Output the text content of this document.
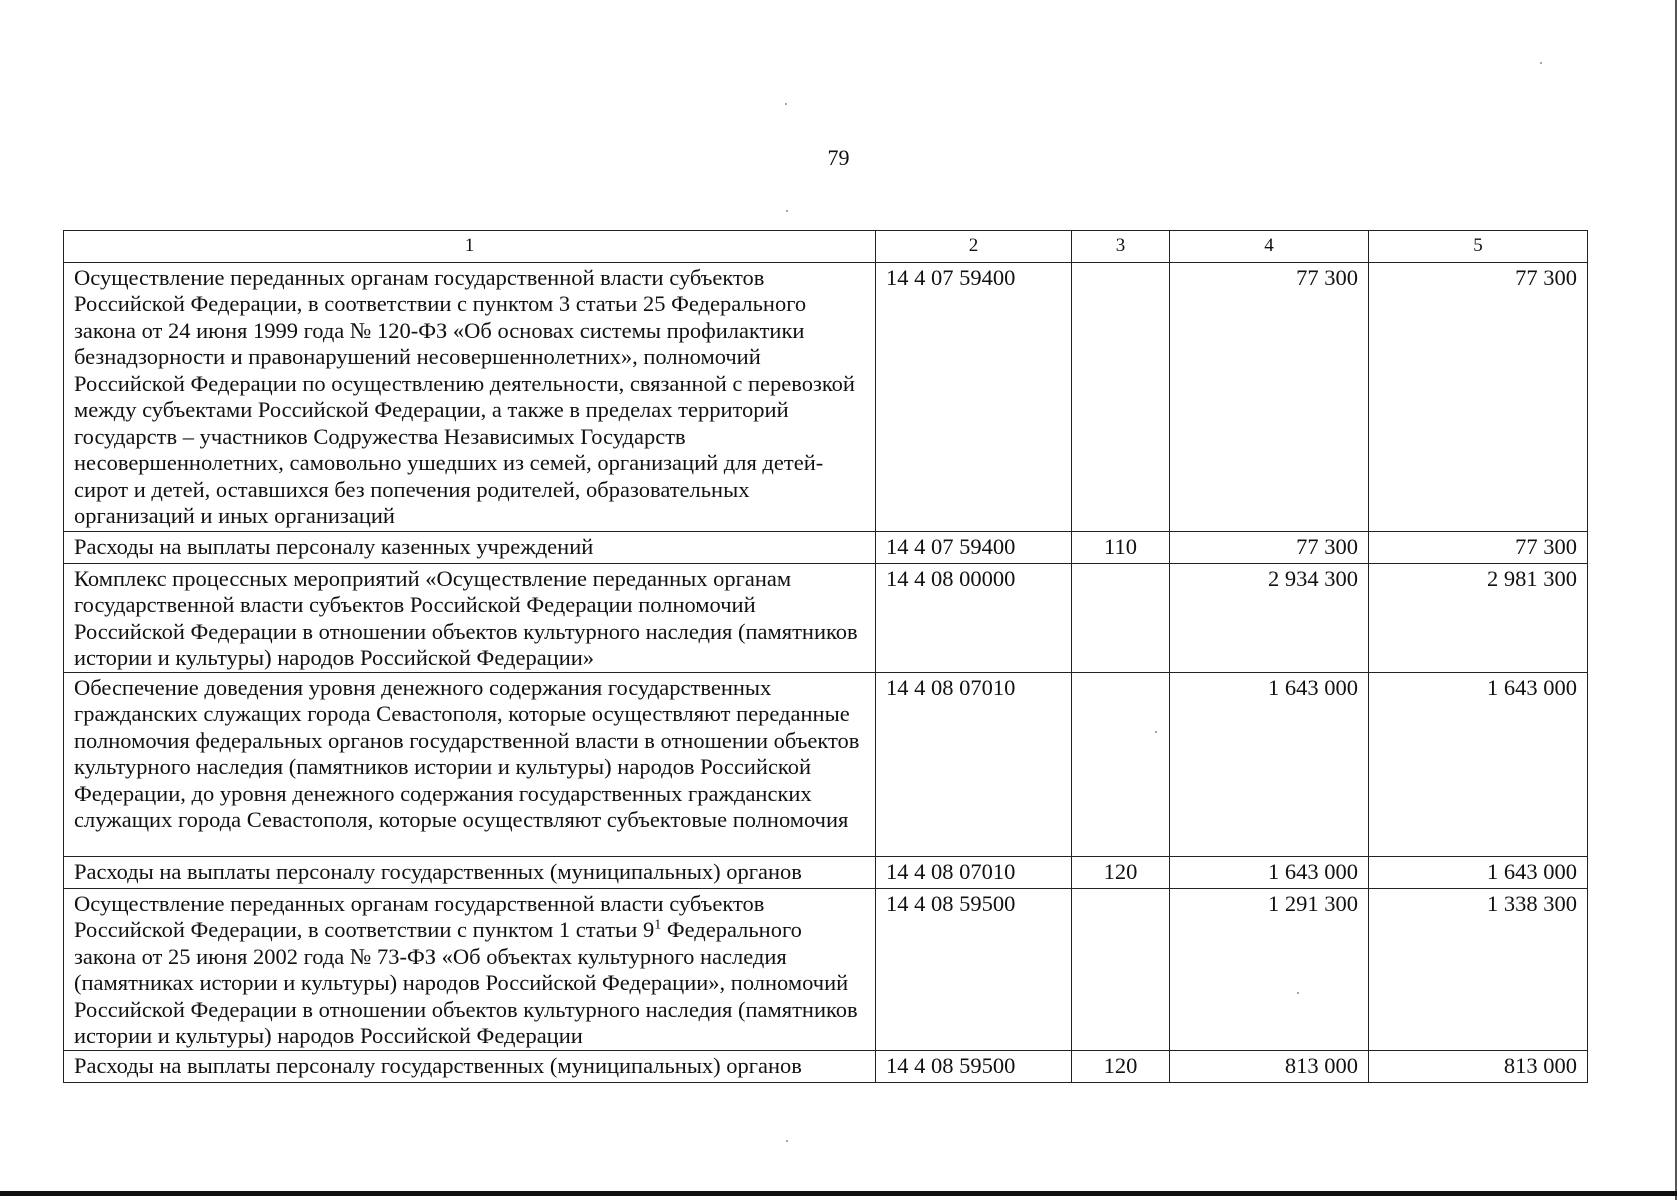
79
1	2	3	4	5
Осуществление переданных органам государственной власти субъектов Российской Федерации, в соответствии с пунктом 3 статьи 25 Федерального закона от 24 июня 1999 года № 120-ФЗ «Об основах системы профилактики безнадзорности и правонарушений несовершеннолетних», полномочий Российской Федерации по осуществлению деятельности, связанной с перевозкой между субъектами Российской Федерации, а также в пределах территорий государств – участников Содружества Независимых Государств несовершеннолетних, самовольно ушедших из семей, организаций для детей-сирот и детей, оставшихся без попечения родителей, образовательных организаций и иных организаций	14 4 07 59400		77 300	77 300
Расходы на выплаты персоналу казенных учреждений	14 4 07 59400	110	77 300	77 300
Комплекс процессных мероприятий «Осуществление переданных органам государственной власти субъектов Российской Федерации полномочий Российской Федерации в отношении объектов культурного наследия (памятников истории и культуры) народов Российской Федерации»	14 4 08 00000		2 934 300	2 981 300
Обеспечение доведения уровня денежного содержания государственных гражданских служащих города Севастополя, которые осуществляют переданные полномочия федеральных органов государственной власти в отношении объектов культурного наследия (памятников истории и культуры) народов Российской Федерации, до уровня денежного содержания государственных гражданских служащих города Севастополя, которые осуществляют субъектовые полномочия	14 4 08 07010		1 643 000	1 643 000
Расходы на выплаты персоналу государственных (муниципальных) органов	14 4 08 07010	120	1 643 000	1 643 000
Осуществление переданных органам государственной власти субъектов Российской Федерации, в соответствии с пунктом 1 статьи $9^1$ Федерального закона от 25 июня 2002 года № 73-ФЗ «Об объектах культурного наследия (памятниках истории и культуры) народов Российской Федерации», полномочий Российской Федерации в отношении объектов культурного наследия (памятников истории и культуры) народов Российской Федерации	14 4 08 59500		1 291 300	1 338 300
Расходы на выплаты персоналу государственных (муниципальных) органов	14 4 08 59500	120	813 000	813 000
